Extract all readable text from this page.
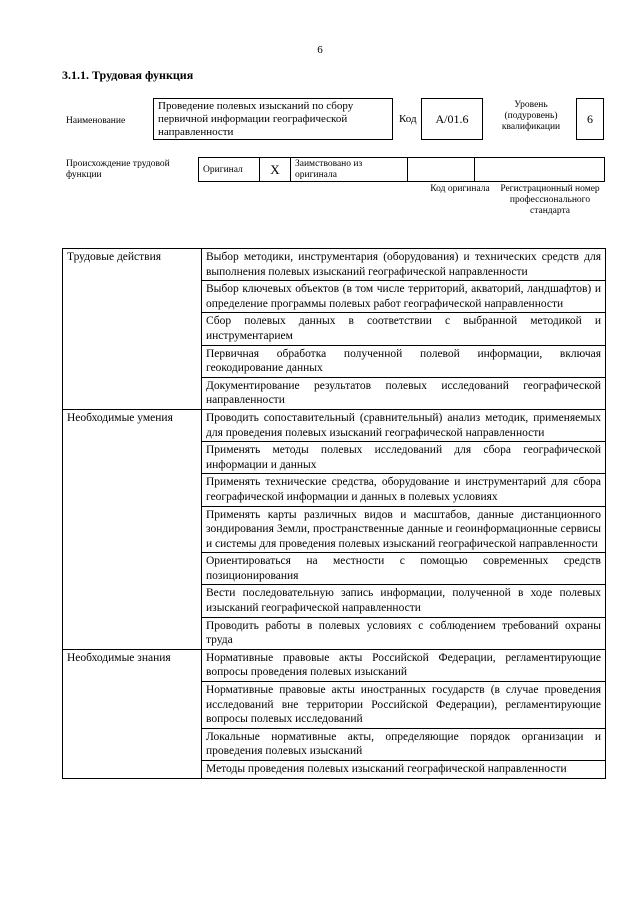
6
3.1.1. Трудовая функция
Наименование
Проведение полевых изысканий по сбору первичной информации географической направленности
Код	А/01.6
Уровень (подуровень) квалификации
6
Происхождение трудовой функции
Оригинал	X	Заимствовано из оригинала		
Код оригинала Регистрационный номер профессионального стандарта
Трудовые действия	Выбор методики, инструментария (оборудования) и технических средств для выполнения полевых изысканий географической направленности
	Выбор ключевых объектов (в том числе территорий, акваторий, ландшафтов) и определение программы полевых работ географической направленности
	Сбор полевых данных в соответствии с выбранной методикой и инструментарием
	Первичная обработка полученной полевой информации, включая геокодирование данных
	Документирование результатов полевых исследований географической направленности
Необходимые умения	Проводить сопоставительный (сравнительный) анализ методик, применяемых для проведения полевых изысканий географической направленности
	Применять методы полевых исследований для сбора географической информации и данных
	Применять технические средства, оборудование и инструментарий для сбора географической информации и данных в полевых условиях
	Применять карты различных видов и масштабов, данные дистанционного зондирования Земли, пространственные данные и геоинформационные сервисы и системы для проведения полевых изысканий географической направленности
	Ориентироваться на местности с помощью современных средств позиционирования
	Вести последовательную запись информации, полученной в ходе полевых изысканий географической направленности
	Проводить работы в полевых условиях с соблюдением требований охраны труда
Необходимые знания	Нормативные правовые акты Российской Федерации, регламентирующие вопросы проведения полевых изысканий
	Нормативные правовые акты иностранных государств (в случае проведения исследований вне территории Российской Федерации), регламентирующие вопросы полевых исследований
	Локальные нормативные акты, определяющие порядок организации и проведения полевых изысканий
	Методы проведения полевых изысканий географической направленности
